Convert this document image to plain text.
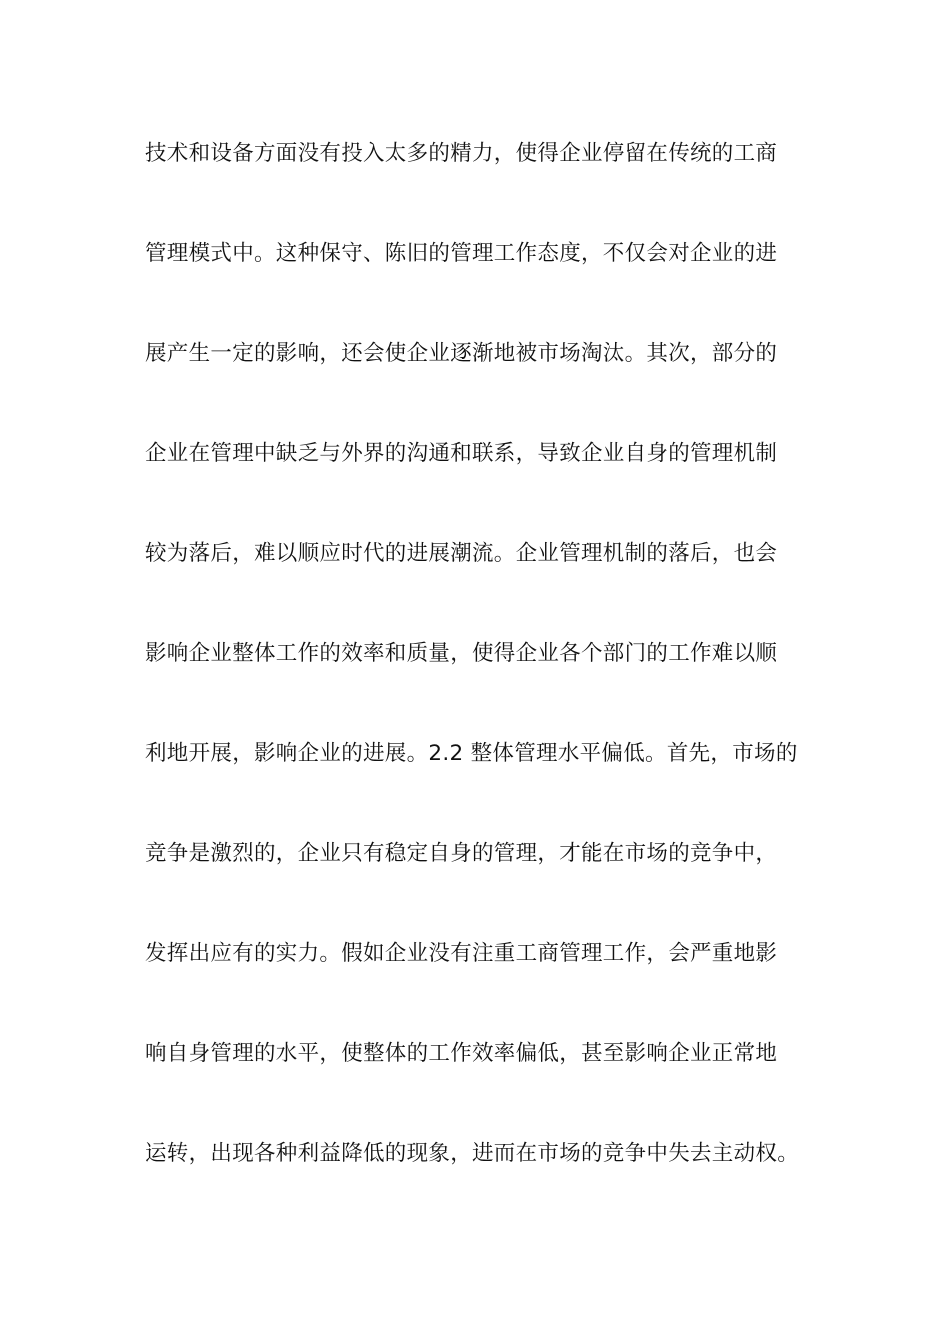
技术和设备方面没有投入太多的精力，使得企业停留在传统的工商
管理模式中。这种保守、陈旧的管理工作态度，不仅会对企业的进
展产生一定的影响，还会使企业逐渐地被市场淘汰。其次，部分的
企业在管理中缺乏与外界的沟通和联系，导致企业自身的管理机制
较为落后，难以顺应时代的进展潮流。企业管理机制的落后，也会
影响企业整体工作的效率和质量，使得企业各个部门的工作难以顺
利地开展，影响企业的进展。2.2 整体管理水平偏低。首先，市场的
竞争是激烈的，企业只有稳定自身的管理，才能在市场的竞争中，
发挥出应有的实力。假如企业没有注重工商管理工作，会严重地影
响自身管理的水平，使整体的工作效率偏低，甚至影响企业正常地
运转，出现各种利益降低的现象，进而在市场的竞争中失去主动权。
